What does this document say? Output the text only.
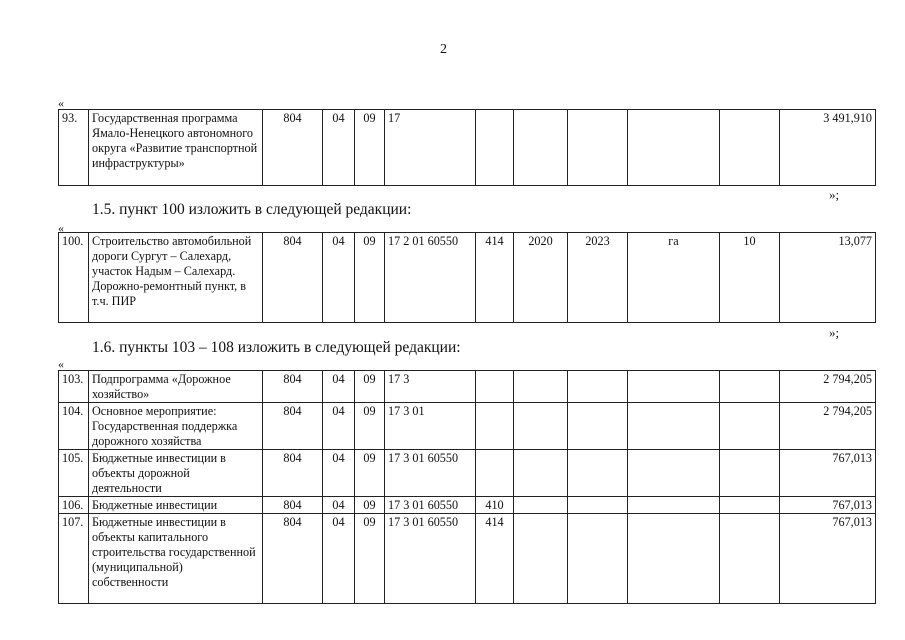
2
«
93.	Государственная программа Ямало-Ненецкого автономного округа «Развитие транспортной инфраструктуры»	804	04	09	17						3 491,910
»;
1.5. пункт 100 изложить в следующей редакции:
«
100.	Строительство автомобильной дороги Сургут – Салехард, участок Надым – Салехард. Дорожно-ремонтный пункт, в т.ч. ПИР	804	04	09	17 2 01 60550	414	2020	2023	га	10	13,077
»;
1.6. пункты 103 – 108 изложить в следующей редакции:
«
103.	Подпрограмма «Дорожное хозяйство»	804	04	09	17 3						2 794,205
104.	Основное мероприятие: Государственная поддержка дорожного хозяйства	804	04	09	17 3 01						2 794,205
105.	Бюджетные инвестиции в объекты дорожной деятельности	804	04	09	17 3 01 60550						767,013
106.	Бюджетные инвестиции	804	04	09	17 3 01 60550	410					767,013
107.	Бюджетные инвестиции в объекты капитального строительства государственной (муниципальной) собственности	804	04	09	17 3 01 60550	414					767,013
